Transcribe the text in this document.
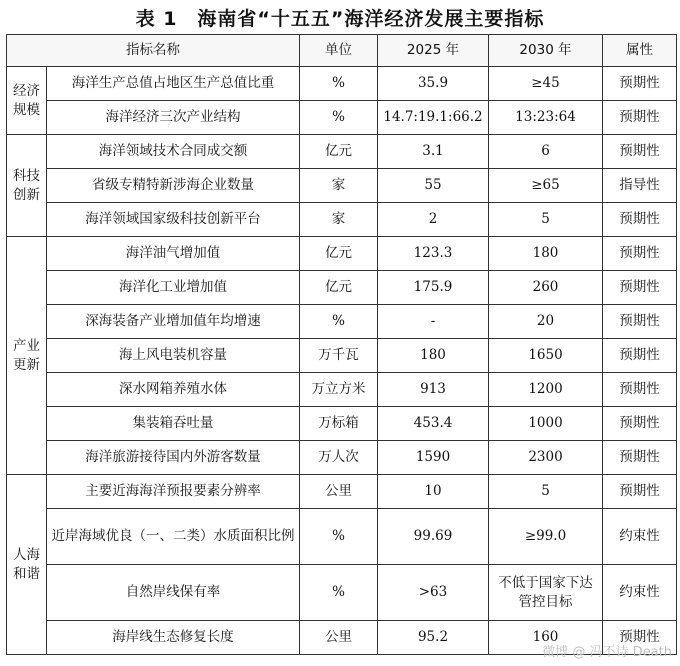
表 1　海南省“十五五”海洋经济发展主要指标
指标名称		单位	2025 年	2030 年	属性
经济规模	海洋生产总值占地区生产总值比重	%	35.9	≥45	预期性
	海洋经济三次产业结构	%	14.7:19.1:66.2	13:23:64	预期性
科技创新	海洋领域技术合同成交额	亿元	3.1	6	预期性
	省级专精特新涉海企业数量	家	55	≥65	指导性
	海洋领域国家级科技创新平台	家	2	5	预期性
产业更新	海洋油气增加值	亿元	123.3	180	预期性
	海洋化工业增加值	亿元	175.9	260	预期性
	深海装备产业增加值年均增速	%	-	20	预期性
	海上风电装机容量	万千瓦	180	1650	预期性
	深水网箱养殖水体	万立方米	913	1200	预期性
	集装箱吞吐量	万标箱	453.4	1000	预期性
	海洋旅游接待国内外游客数量	万人次	1590	2300	预期性
人海和谐	主要近海海洋预报要素分辨率	公里	10	5	预期性
	近岸海域优良（一、二类）水质面积比例	%	99.69	≥99.0	约束性
	自然岸线保有率	%	>63	不低于国家下达管控目标	约束性
	海岸线生态修复长度	公里	95.2	160	预期性
微博 @ 冯不诗 Death
